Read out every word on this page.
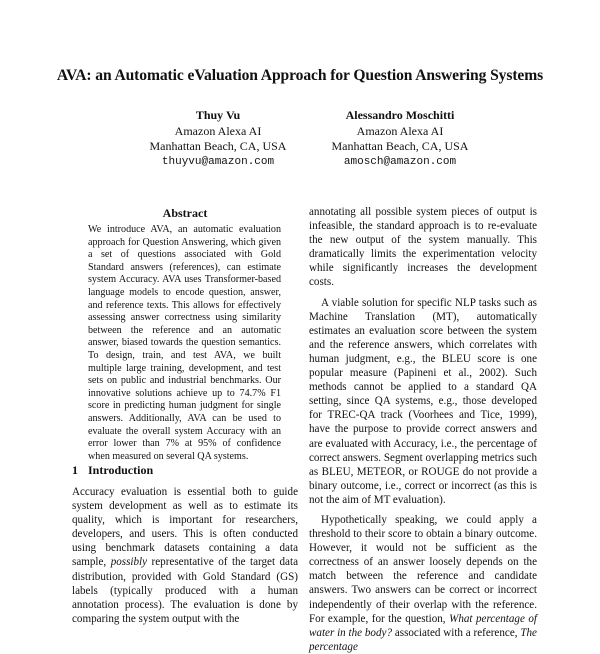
AVA: an Automatic eValuation Approach for Question Answering Systems
Thuy Vu
Amazon Alexa AI
Manhattan Beach, CA, USA
thuyvu@amazon.com
Alessandro Moschitti
Amazon Alexa AI
Manhattan Beach, CA, USA
amosch@amazon.com
Abstract
We introduce AVA, an automatic evaluation approach for Question Answering, which given a set of questions associated with Gold Standard answers (references), can estimate system Accuracy. AVA uses Transformer-based language models to encode question, answer, and reference texts. This allows for effectively assessing answer correctness using similarity between the reference and an automatic answer, biased towards the question semantics. To design, train, and test AVA, we built multiple large training, development, and test sets on public and industrial benchmarks. Our innovative solutions achieve up to 74.7% F1 score in predicting human judgment for single answers. Additionally, AVA can be used to evaluate the overall system Accuracy with an error lower than 7% at 95% of confidence when measured on several QA systems.
1 Introduction

Accuracy evaluation is essential both to guide system development as well as to estimate its quality, which is important for researchers, developers, and users. This is often conducted using benchmark datasets containing a data sample, possibly representative of the target data distribution, provided with Gold Standard (GS) labels (typically produced with a human annotation process). The evaluation is done by comparing the system output with the

annotating all possible system pieces of output is infeasible, the standard approach is to re-evaluate the new output of the system manually. This dramatically limits the experimentation velocity while significantly increases the development costs.

A viable solution for specific NLP tasks such as Machine Translation (MT), automatically estimates an evaluation score between the system and the reference answers, which correlates with human judgment, e.g., the BLEU score is one popular measure (Papineni et al., 2002). Such methods cannot be applied to a standard QA setting, since QA systems, e.g., those developed for TREC-QA track (Voorhees and Tice, 1999), have the purpose to provide correct answers and are evaluated with Accuracy, i.e., the percentage of correct answers. Segment overlapping metrics such as BLEU, METEOR, or ROUGE do not provide a binary outcome, i.e., correct or incorrect (as this is not the aim of MT evaluation).

Hypothetically speaking, we could apply a threshold to their score to obtain a binary outcome. However, it would not be sufficient as the correctness of an answer loosely depends on the match between the reference and candidate answers. Two answers can be correct or incorrect independently of their overlap with the reference. For example, for the question, What percentage of water in the body? associated with a reference, The percentage
